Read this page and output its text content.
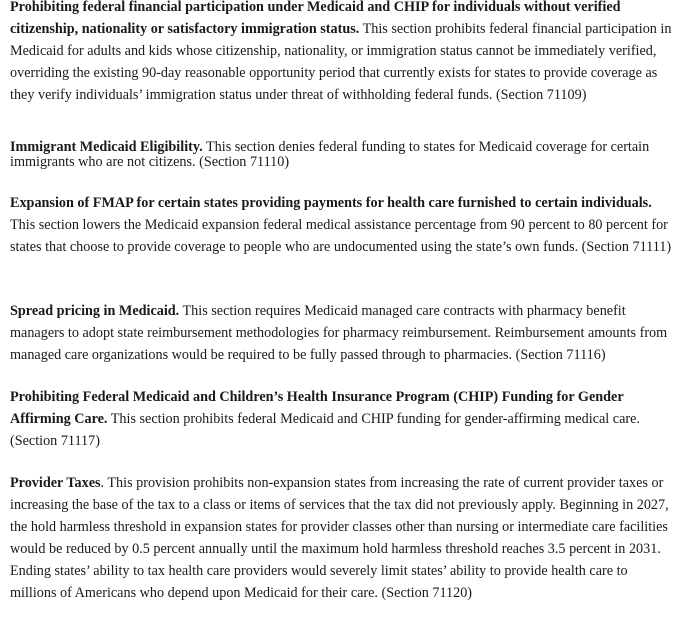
Prohibiting federal financial participation under Medicaid and CHIP for individuals without verified citizenship, nationality or satisfactory immigration status. This section prohibits federal financial participation in Medicaid for adults and kids whose citizenship, nationality, or immigration status cannot be immediately verified, overriding the existing 90-day reasonable opportunity period that currently exists for states to provide coverage as they verify individuals’ immigration status under threat of withholding federal funds. (Section 71109)

Immigrant Medicaid Eligibility. This section denies federal funding to states for Medicaid coverage for certain immigrants who are not citizens. (Section 71110)

Expansion of FMAP for certain states providing payments for health care furnished to certain individuals. This section lowers the Medicaid expansion federal medical assistance percentage from 90 percent to 80 percent for states that choose to provide coverage to people who are undocumented using the state’s own funds. (Section 71111)

Spread pricing in Medicaid. This section requires Medicaid managed care contracts with pharmacy benefit managers to adopt state reimbursement methodologies for pharmacy reimbursement. Reimbursement amounts from managed care organizations would be required to be fully passed through to pharmacies. (Section 71116)

Prohibiting Federal Medicaid and Children’s Health Insurance Program (CHIP) Funding for Gender Affirming Care. This section prohibits federal Medicaid and CHIP funding for gender-affirming medical care. (Section 71117)

Provider Taxes. This provision prohibits non-expansion states from increasing the rate of current provider taxes or increasing the base of the tax to a class or items of services that the tax did not previously apply. Beginning in 2027, the hold harmless threshold in expansion states for provider classes other than nursing or intermediate care facilities would be reduced by 0.5 percent annually until the maximum hold harmless threshold reaches 3.5 percent in 2031. Ending states’ ability to tax health care providers would severely limit states’ ability to provide health care to millions of Americans who depend upon Medicaid for their care. (Section 71120)
